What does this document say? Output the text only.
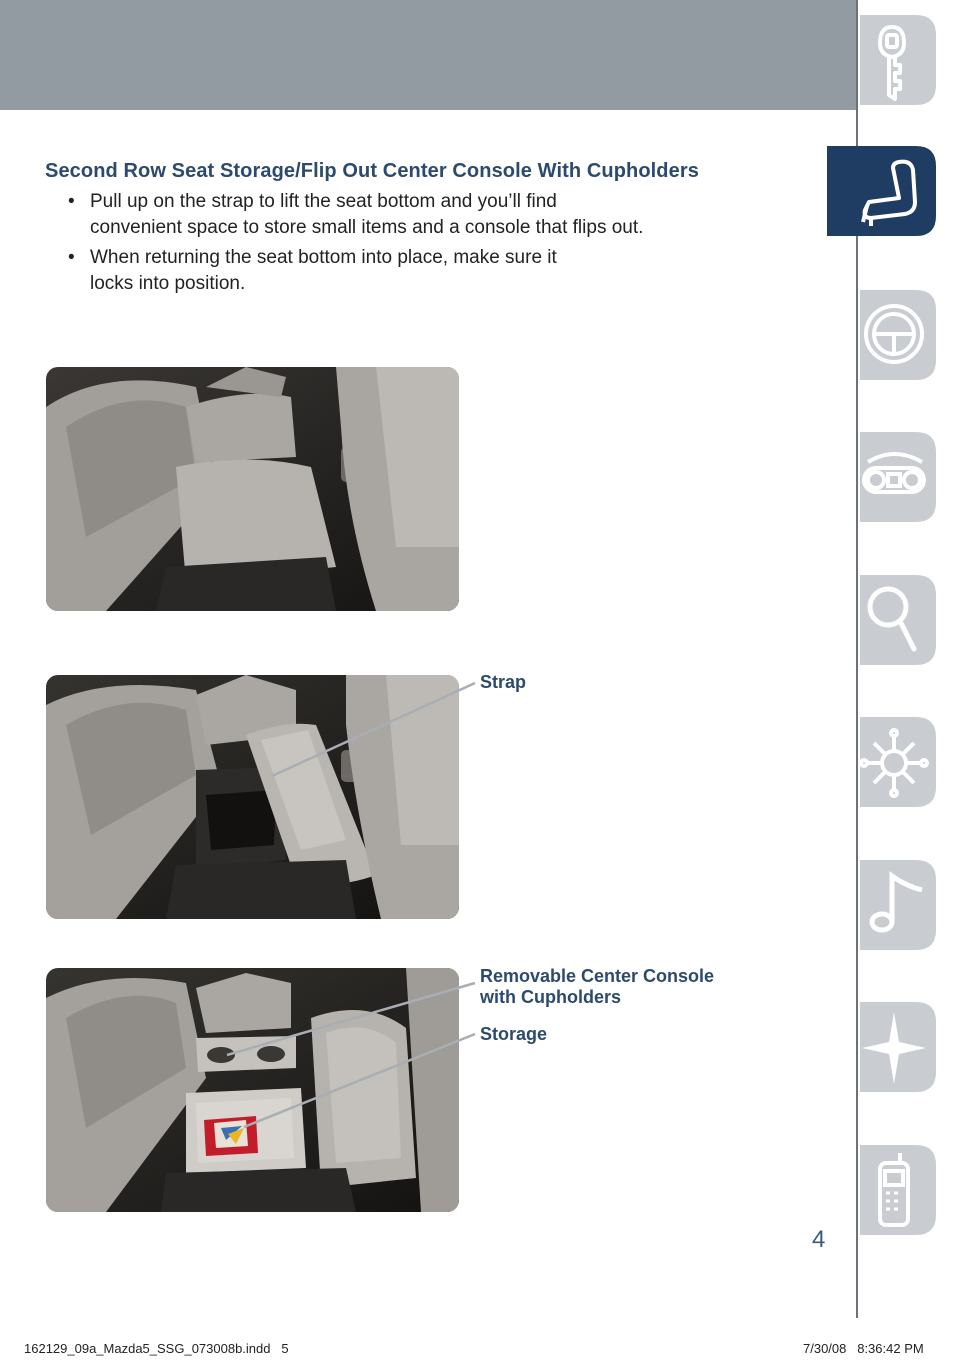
Second Row Seat Storage/Flip Out Center Console With Cupholders
• Pull up on the strap to lift the seat bottom and you’ll find
convenient space to store small items and a console that flips out.
• When returning the seat bottom into place, make sure it
locks into position.
Strap
Removable Center Console
with Cupholders
Storage
4
162129_09a_Mazda5_SSG_073008b.indd   5	7/30/08   8:36:42 PM
